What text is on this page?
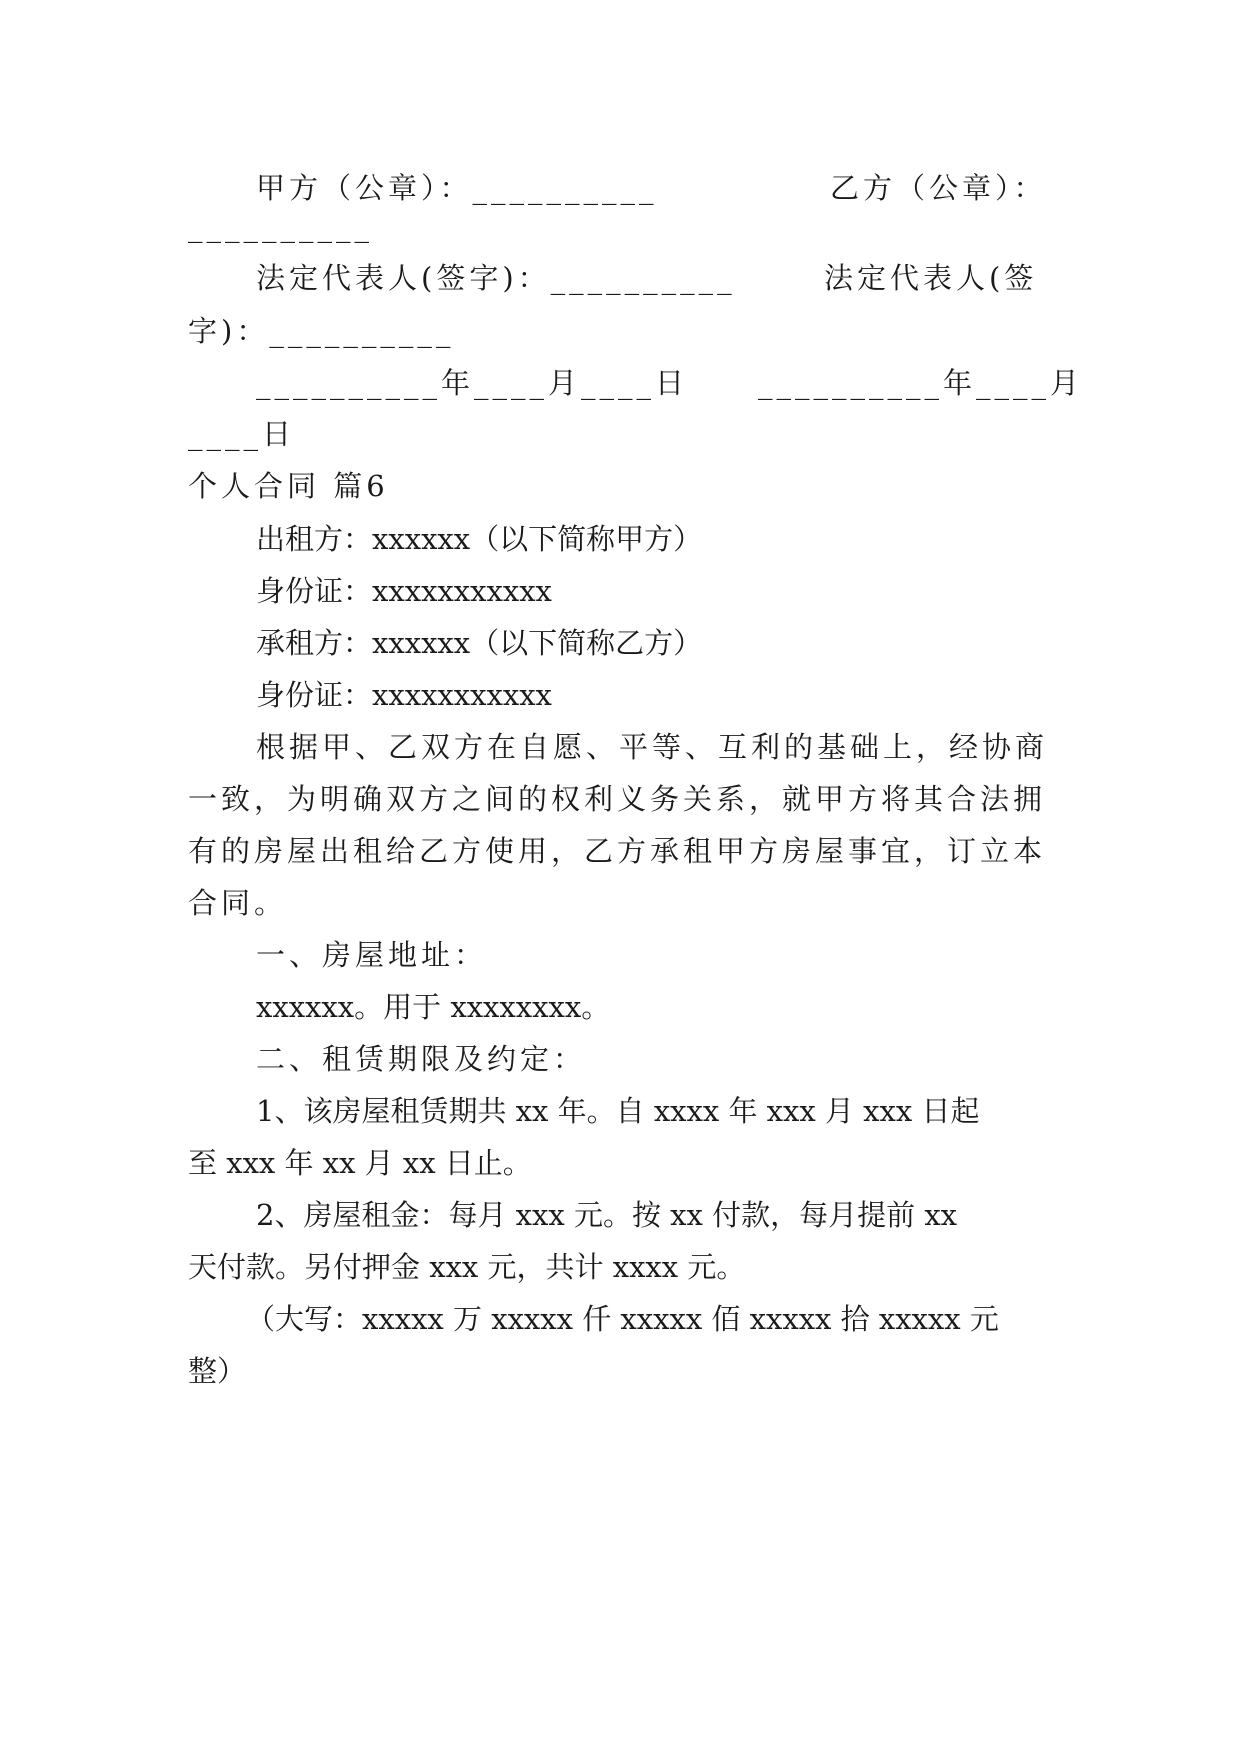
甲方（公章）：__________	乙方（公章）：
__________
法定代表人(签字)：__________	法定代表人(签
字)：__________
__________年____月____日 __________年____月
____日
个人合同 篇6
出租方：xxxxxx（以下简称甲方）
身份证：xxxxxxxxxxx
承租方：xxxxxx（以下简称乙方）
身份证：xxxxxxxxxxx
根据甲、乙双方在自愿、平等、互利的基础上，经协商
一致，为明确双方之间的权利义务关系，就甲方将其合法拥
有的房屋出租给乙方使用，乙方承租甲方房屋事宜，订立本
合同。
一、房屋地址：
xxxxxx。用于 xxxxxxxx。
二、租赁期限及约定：
1、该房屋租赁期共 xx 年。自 xxxx 年 xxx 月 xxx 日起
至 xxx 年 xx 月 xx 日止。
2、房屋租金：每月 xxx 元。按 xx 付款，每月提前 xx
天付款。另付押金 xxx 元，共计 xxxx 元。
（大写：xxxxx 万 xxxxx 仟 xxxxx 佰 xxxxx 拾 xxxxx 元
整）
